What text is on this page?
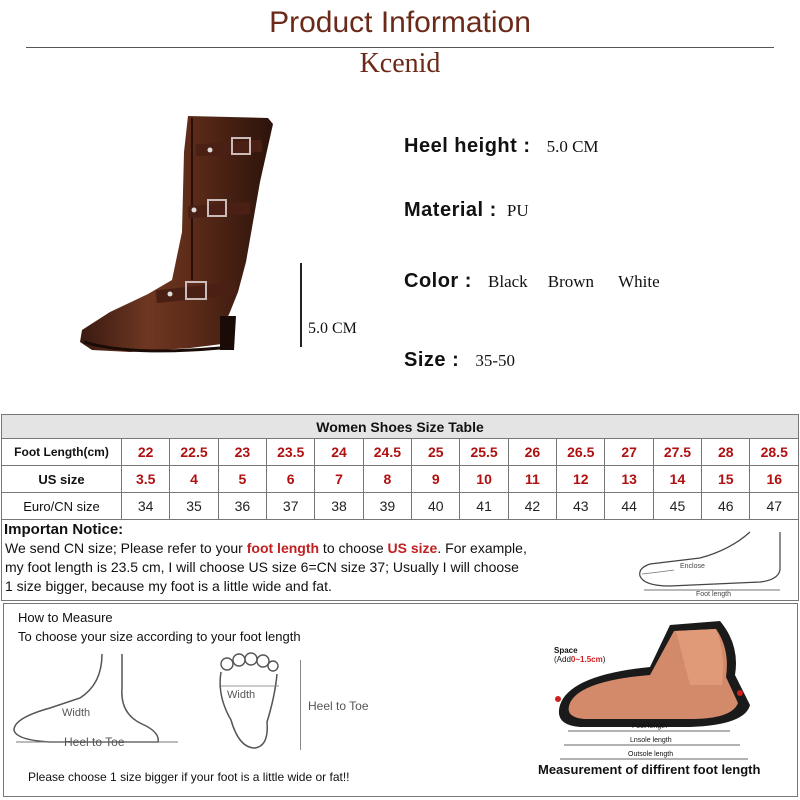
Product Information
Kcenid
5.0 CM
Heel height : 5.0 CM
Material : PU
Color : Black Brown White
Size : 35-50
Women Shoes Size Table														
Foot Length(cm)	22	22.5	23	23.5	24	24.5	25	25.5	26	26.5	27	27.5	28	28.5
US size	3.5	4	5	6	7	8	9	10	11	12	13	14	15	16
Euro/CN size	34	35	36	37	38	39	40	41	42	43	44	45	46	47
Importan Notice:
We send CN size; Please refer to your foot length to choose US size. For example,
my foot length is 23.5 cm, I will choose US size 6=CN size 37; Usually I will choose
1 size bigger, because my foot is a little wide and fat.
Enclose
Foot length
How to Measure
To choose your size according to your foot length
Width
Heel to Toe
Width
Heel to Toe
Please choose 1 size bigger if your foot is a little wide or fat!!
Space
(Add0~1.5cm)
Foot length
Lnsole length
Outsole length
Measurement of diffirent foot length
